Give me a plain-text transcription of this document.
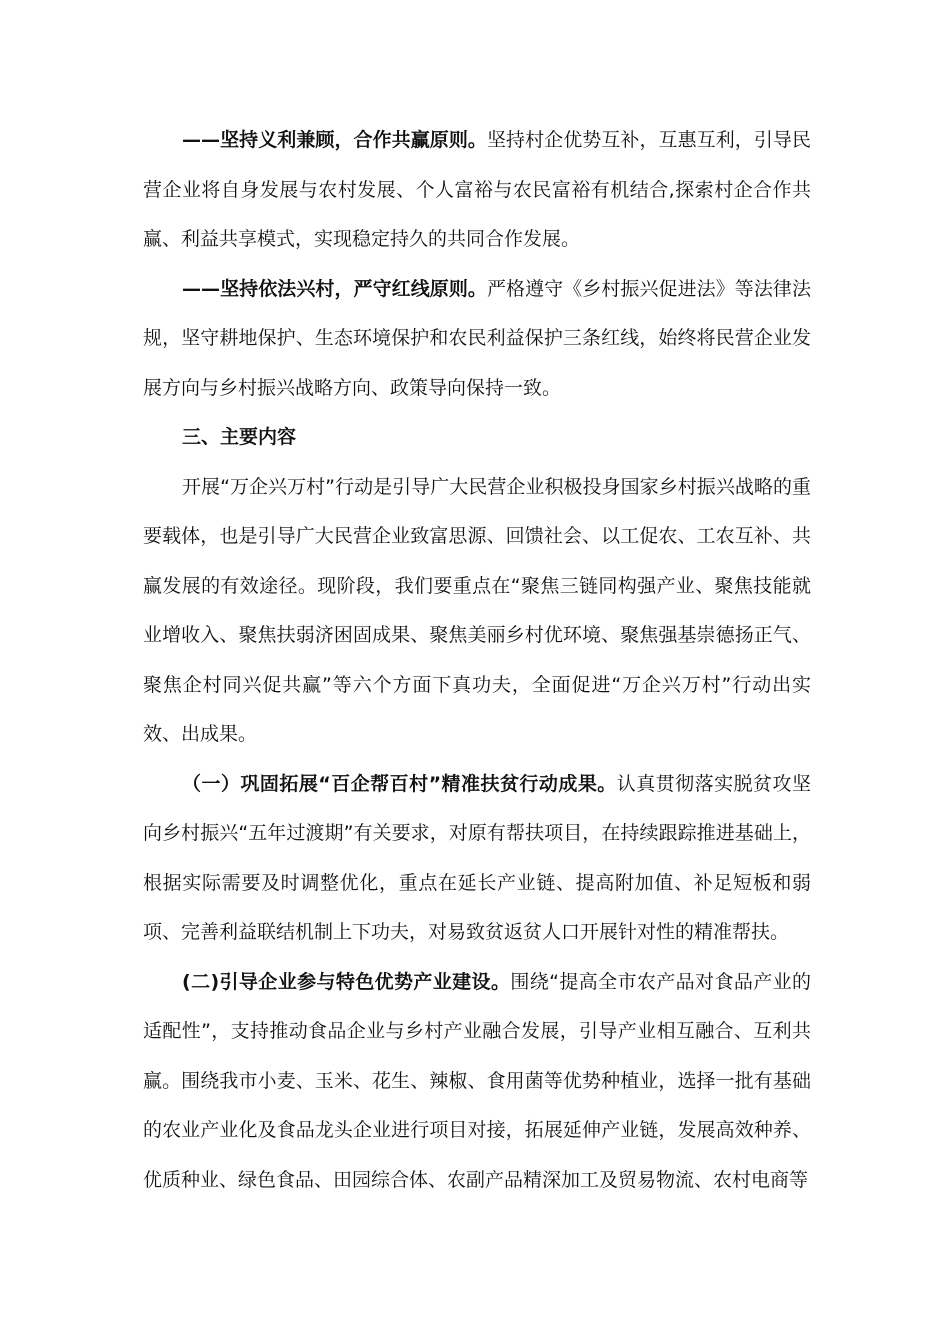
——坚持义利兼顾，合作共赢原则。坚持村企优势互补，互惠互利，引导民营企业将自身发展与农村发展、个人富裕与农民富裕有机结合,探索村企合作共赢、利益共享模式，实现稳定持久的共同合作发展。

——坚持依法兴村，严守红线原则。严格遵守《乡村振兴促进法》等法律法规，坚守耕地保护、生态环境保护和农民利益保护三条红线，始终将民营企业发展方向与乡村振兴战略方向、政策导向保持一致。

三、主要内容

开展“万企兴万村”行动是引导广大民营企业积极投身国家乡村振兴战略的重要载体，也是引导广大民营企业致富思源、回馈社会、以工促农、工农互补、共赢发展的有效途径。现阶段，我们要重点在“聚焦三链同构强产业、聚焦技能就业增收入、聚焦扶弱济困固成果、聚焦美丽乡村优环境、聚焦强基崇德扬正气、聚焦企村同兴促共赢”等六个方面下真功夫，全面促进“万企兴万村”行动出实效、出成果。

（一）巩固拓展“百企帮百村”精准扶贫行动成果。认真贯彻落实脱贫攻坚向乡村振兴“五年过渡期”有关要求，对原有帮扶项目，在持续跟踪推进基础上，根据实际需要及时调整优化，重点在延长产业链、提高附加值、补足短板和弱项、完善利益联结机制上下功夫，对易致贫返贫人口开展针对性的精准帮扶。

(二)引导企业参与特色优势产业建设。围绕“提高全市农产品对食品产业的适配性”，支持推动食品企业与乡村产业融合发展，引导产业相互融合、互利共赢。围绕我市小麦、玉米、花生、辣椒、食用菌等优势种植业，选择一批有基础的农业产业化及食品龙头企业进行项目对接，拓展延伸产业链，发展高效种养、优质种业、绿色食品、田园综合体、农副产品精深加工及贸易物流、农村电商等
